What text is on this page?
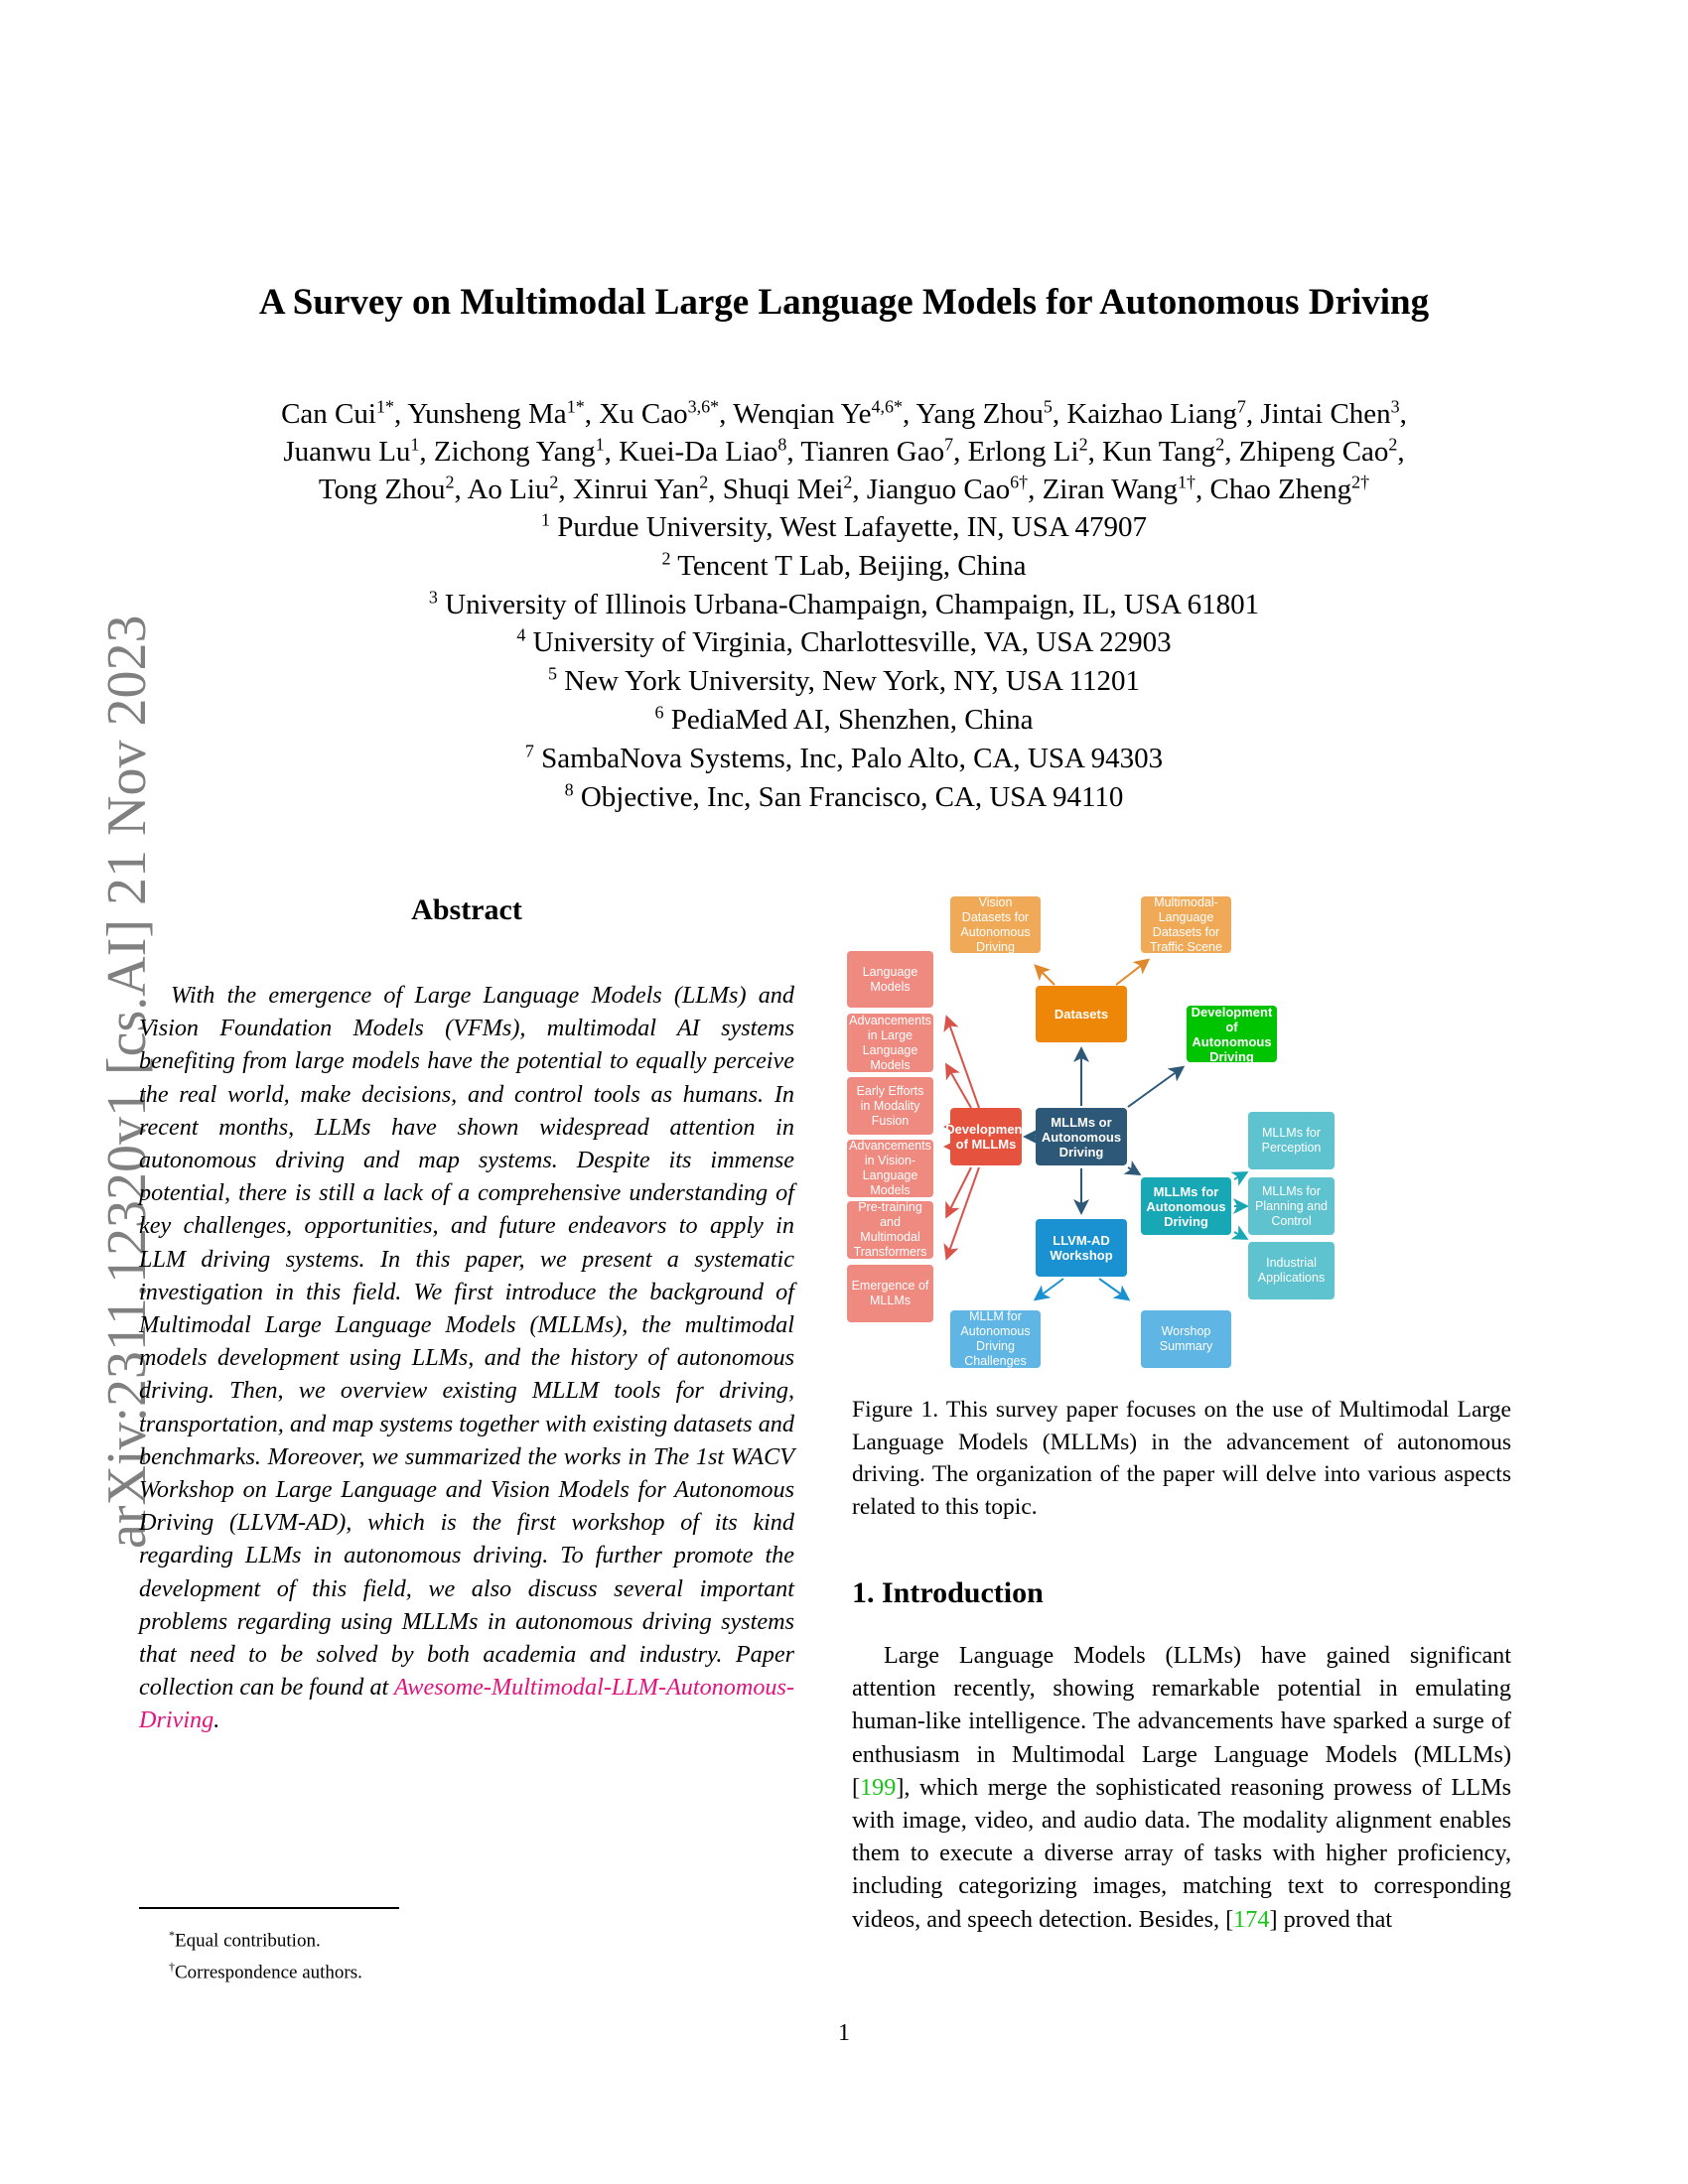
arXiv:2311.12320v1 [cs.AI] 21 Nov 2023
A Survey on Multimodal Large Language Models for Autonomous Driving
Can Cui$^{1*}$, Yunsheng $Ma^{1*}$, Xu Cao$^{3,6*}$, Wenqian $Ye^{4,6*}$, Yang Zhou$^5$, Kaizhao Liang$^7$, Jintai Chen$^3$,
Juanwu Lu$^1$, Zichong Yang$^1$, Kuei-Da Liao$^8$, Tianren Gao$^7$, Erlong Li$^2$, Kun Tang$^2$, Zhipeng Cao$^2$,
Tong Zhou$^2$, Ao Liu$^2$, Xinrui Yan$^2$, Shuqi Mei$^2$, Jianguo Cao$^{6\dagger}$, Ziran Wang$^{1\dagger}$, Chao Zheng$^{2\dagger}$
$^1$ Purdue University, West Lafayette, IN, USA 47907
$^2$ Tencent T Lab, Beijing, China
$^3$ University of Illinois Urbana-Champaign, Champaign, IL, USA 61801
$^4$ University of Virginia, Charlottesville, VA, USA 22903
$^5$ New York University, New York, NY, USA 11201
$^6$ PediaMed AI, Shenzhen, China
$^7$ SambaNova Systems, Inc, Palo Alto, CA, USA 94303
$^8$ Objective, Inc, San Francisco, CA, USA 94110
Abstract
With the emergence of Large Language Models (LLMs) and Vision Foundation Models (VFMs), multimodal AI systems benefiting from large models have the potential to equally perceive the real world, make decisions, and control tools as humans. In recent months, LLMs have shown widespread attention in autonomous driving and map systems. Despite its immense potential, there is still a lack of a comprehensive understanding of key challenges, opportunities, and future endeavors to apply in LLM driving systems. In this paper, we present a systematic investigation in this field. We first introduce the background of Multimodal Large Language Models (MLLMs), the multimodal models development using LLMs, and the history of autonomous driving. Then, we overview existing MLLM tools for driving, transportation, and map systems together with existing datasets and benchmarks. Moreover, we summarized the works in The 1st WACV Workshop on Large Language and Vision Models for Autonomous Driving (LLVM-AD), which is the first workshop of its kind regarding LLMs in autonomous driving. To further promote the development of this field, we also discuss several important problems regarding using MLLMs in autonomous driving systems that need to be solved by both academia and industry. Paper collection can be found at Awesome-Multimodal-LLM-Autonomous-Driving.
*Equal contribution.
†Correspondence authors.
Vision Datasets for Autonomous Driving
Multimodal-Language Datasets for Traffic Scene
Datasets	Development of Autonomous Driving
Language Models
Advancements in Large Language Models
Early Efforts in Modality Fusion
Advancements in Vision-Language Models
Pre-training and Multimodal Transformers
Emergence of MLLMs
Development of MLLMs
MLLMs or Autonomous Driving
MLLMs for Autonomous Driving
MLLMs for Perception
MLLMs for Planning and Control
Industrial Applications
LLVM-AD Workshop
MLLM for Autonomous Driving Challenges
Worshop Summary
Figure 1. This survey paper focuses on the use of Multimodal Large Language Models (MLLMs) in the advancement of autonomous driving. The organization of the paper will delve into various aspects related to this topic.
1. Introduction
Large Language Models (LLMs) have gained significant attention recently, showing remarkable potential in emulating human-like intelligence. The advancements have sparked a surge of enthusiasm in Multimodal Large Language Models (MLLMs) [199], which merge the sophisticated reasoning prowess of LLMs with image, video, and audio data. The modality alignment enables them to execute a diverse array of tasks with higher proficiency, including categorizing images, matching text to corresponding videos, and speech detection. Besides, [174] proved that
1
